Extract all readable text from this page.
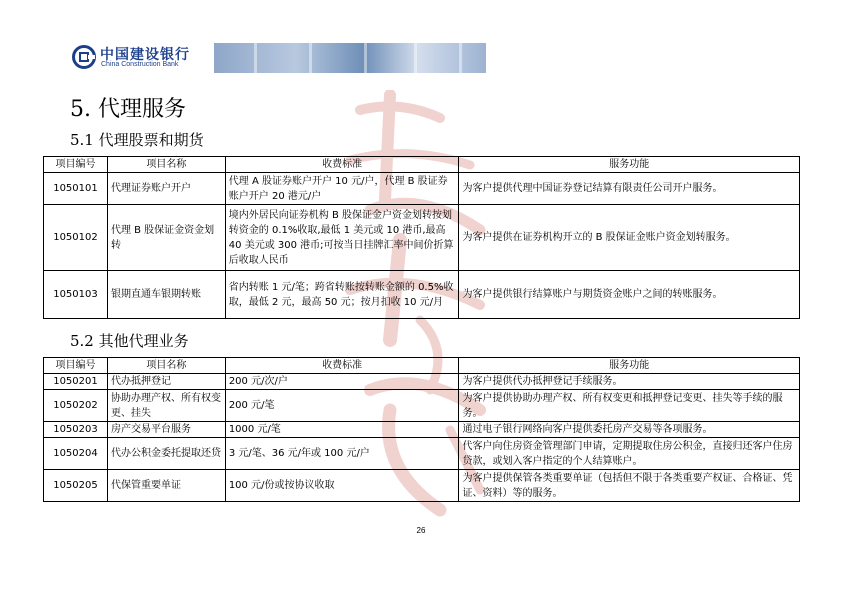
中国建设银行
China Construction Bank
5. 代理服务
5.1 代理股票和期货
项目编号	项目名称	收费标准	服务功能
1050101	代理证券账户开户	代理 A 股证券账户开户 10 元/户，代理 B 股证券账户开户 20 港元/户	为客户提供代理中国证券登记结算有限责任公司开户服务。
1050102	代理 B 股保证金资金划转	境内外居民向证券机构 B 股保证金户资金划转按划转资金的 0.1%收取,最低 1 美元或 10 港币,最高 40 美元或 300 港币;可按当日挂牌汇率中间价折算后收取人民币	为客户提供在证券机构开立的 B 股保证金账户资金划转服务。
1050103	银期直通车银期转账	省内转账 1 元/笔；跨省转账按转账金额的 0.5%收取，最低 2 元，最高 50 元；按月扣收 10 元/月	为客户提供银行结算账户与期货资金账户之间的转账服务。
5.2 其他代理业务
项目编号	项目名称	收费标准	服务功能
1050201	代办抵押登记	200 元/次/户	为客户提供代办抵押登记手续服务。
1050202	协助办理产权、所有权变更、挂失	200 元/笔	为客户提供协助办理产权、所有权变更和抵押登记变更、挂失等手续的服务。
1050203	房产交易平台服务	1000 元/笔	通过电子银行网络向客户提供委托房产交易等各项服务。
1050204	代办公积金委托提取还贷	3 元/笔、36 元/年或 100 元/户	代客户向住房资金管理部门申请，定期提取住房公积金，直接归还客户住房贷款，或划入客户指定的个人结算账户。
1050205	代保管重要单证	100 元/份或按协议收取	为客户提供保管各类重要单证（包括但不限于各类重要产权证、合格证、凭证、资料）等的服务。
26
